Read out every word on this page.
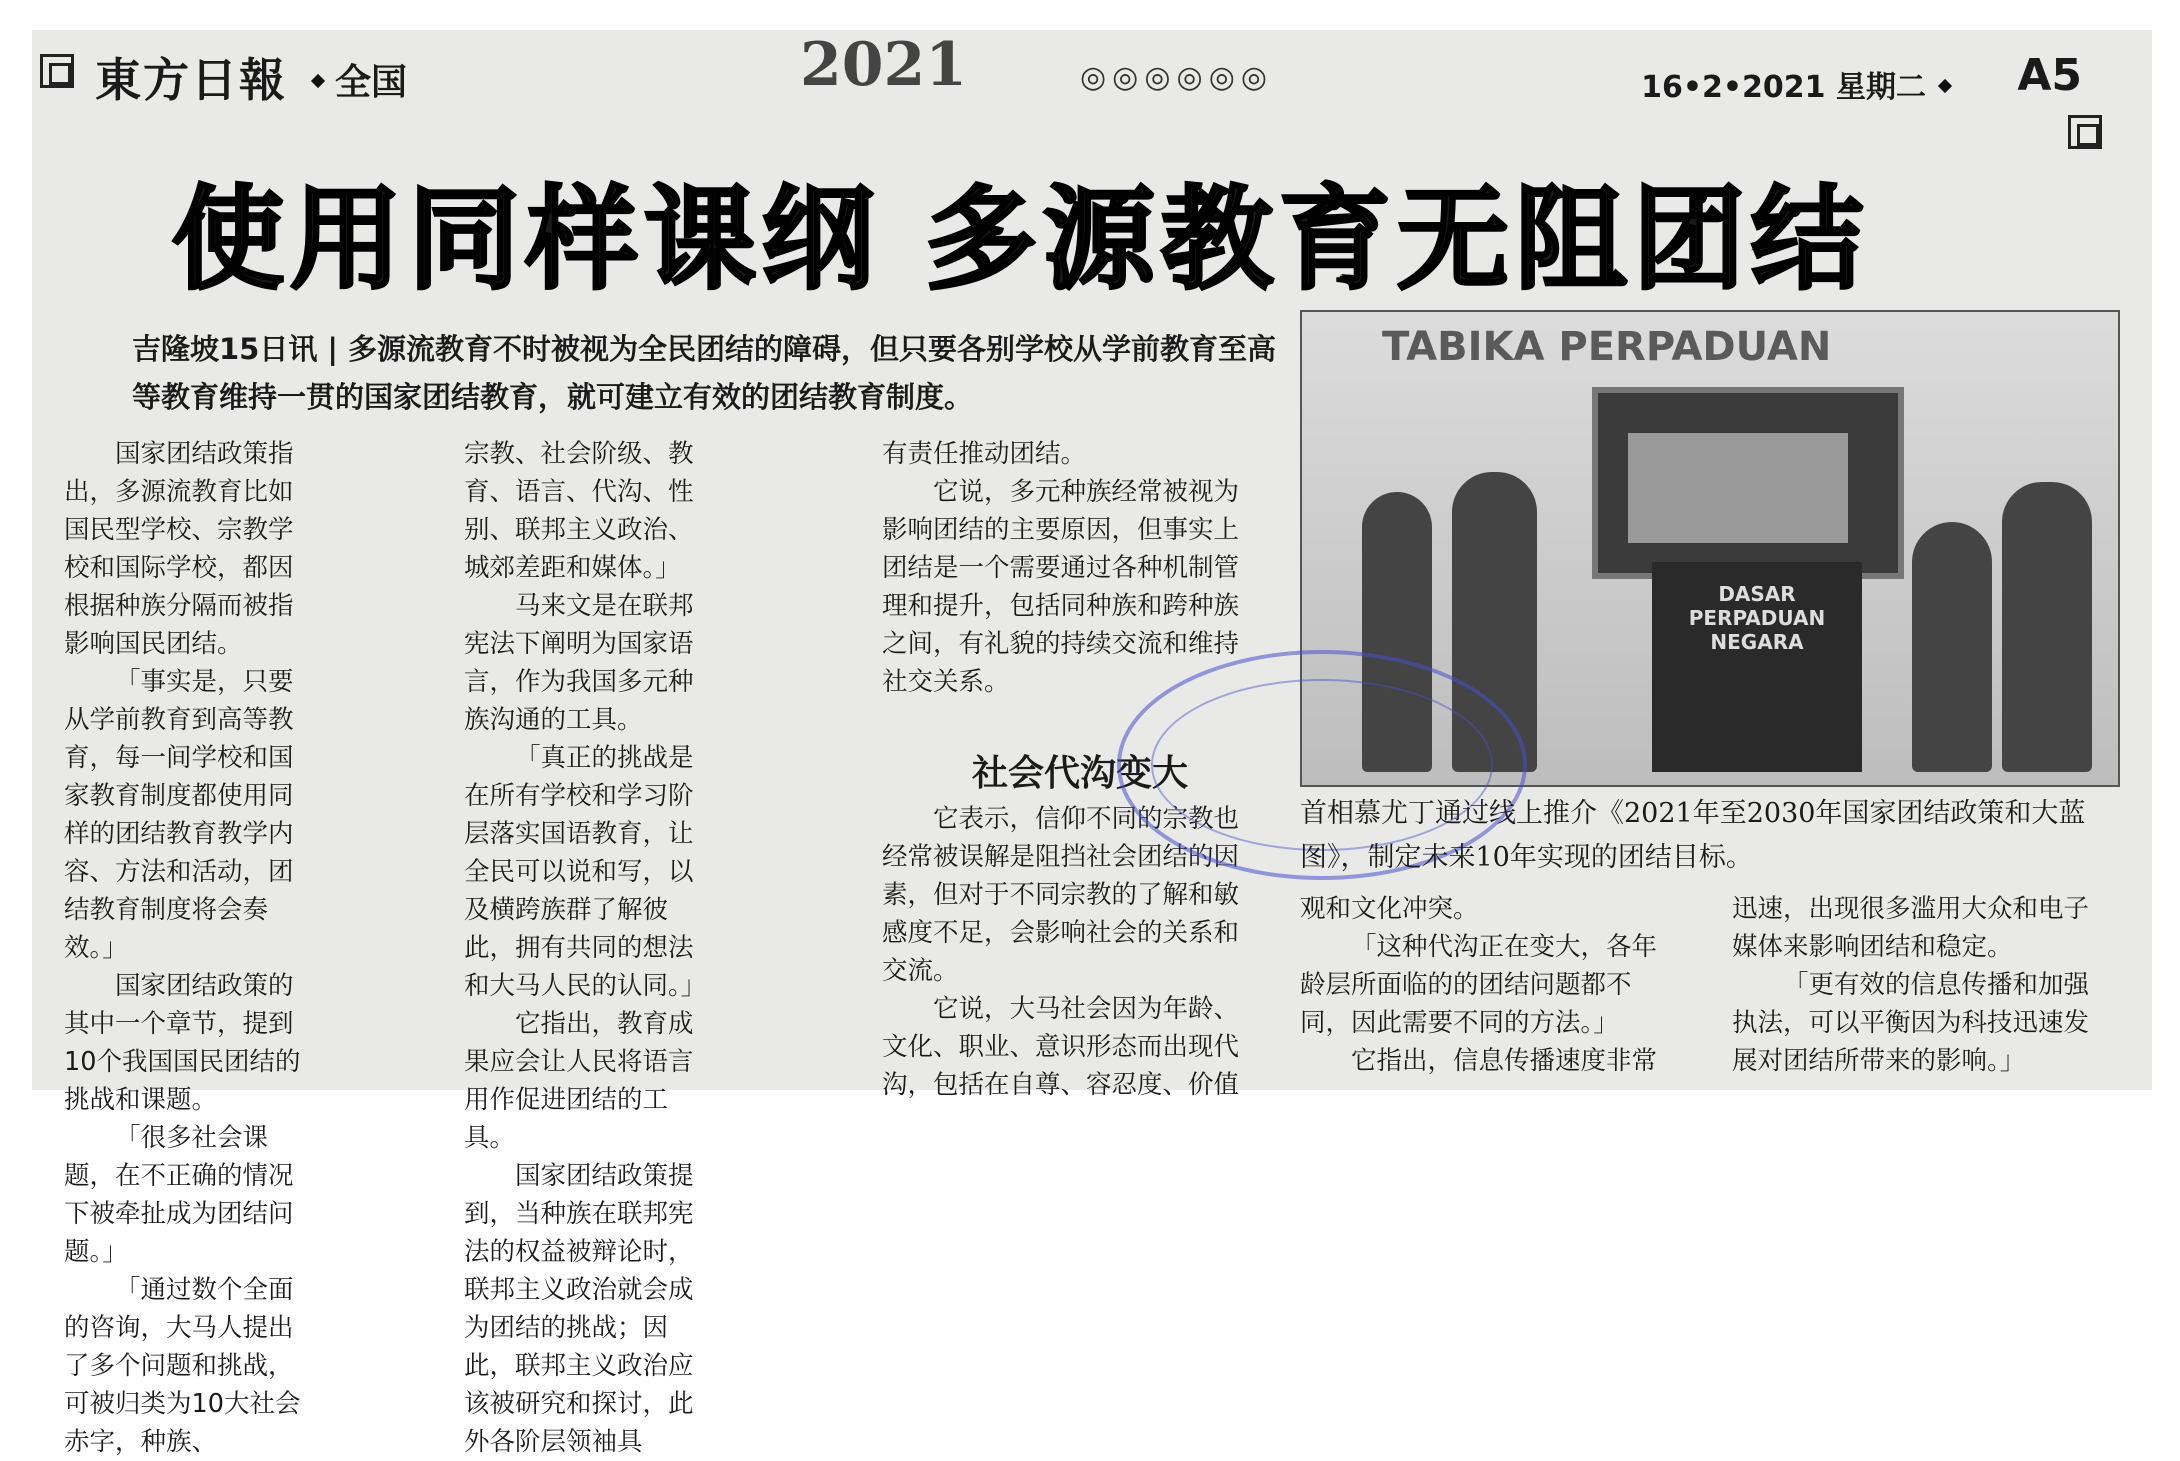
東方日報	全国	2021	◎◎◎◎◎◎	16•2•2021 星期二	A5
使用同样课纲 多源教育无阻团结
吉隆坡15日讯 | 多源流教育不时被视为全民团结的障碍，但只要各别学校从学前教育至高等教育维持一贯的国家团结教育，就可建立有效的团结教育制度。

国家团结政策指出，多源流教育比如国民型学校、宗教学校和国际学校，都因根据种族分隔而被指影响国民团结。

「事实是，只要从学前教育到高等教育，每一间学校和国家教育制度都使用同样的团结教育教学内容、方法和活动，团结教育制度将会奏效。」

国家团结政策的其中一个章节，提到10个我国国民团结的挑战和课题。

「很多社会课题，在不正确的情况下被牵扯成为团结问题。」

「通过数个全面的咨询，大马人提出了多个问题和挑战，可被归类为10大社会赤字，种族、

宗教、社会阶级、教育、语言、代沟、性别、联邦主义政治、城郊差距和媒体。」

马来文是在联邦宪法下阐明为国家语言，作为我国多元种族沟通的工具。

「真正的挑战是在所有学校和学习阶层落实国语教育，让全民可以说和写，以及横跨族群了解彼此，拥有共同的想法和大马人民的认同。」

它指出，教育成果应会让人民将语言用作促进团结的工具。

国家团结政策提到，当种族在联邦宪法的权益被辩论时，联邦主义政治就会成为团结的挑战；因此，联邦主义政治应该被研究和探讨，此外各阶层领袖具

有责任推动团结。

它说，多元种族经常被视为影响团结的主要原因，但事实上团结是一个需要通过各种机制管理和提升，包括同种族和跨种族之间，有礼貌的持续交流和维持社交关系。

社会代沟变大

它表示，信仰不同的宗教也经常被误解是阻挡社会团结的因素，但对于不同宗教的了解和敏感度不足，会影响社会的关系和交流。

它说，大马社会因为年龄、文化、职业、意识形态而出现代沟，包括在自尊、容忍度、价值

观和文化冲突。

「这种代沟正在变大，各年龄层所面临的的团结问题都不同，因此需要不同的方法。」

它指出，信息传播速度非常

迅速，出现很多滥用大众和电子媒体来影响团结和稳定。

「更有效的信息传播和加强执法，可以平衡因为科技迅速发展对团结所带来的影响。」

TABIKA PERPADUAN
DASAR PERPADUAN NEGARA
首相慕尤丁通过线上推介《2021年至2030年国家团结政策和大蓝图》，制定未来10年实现的团结目标。
